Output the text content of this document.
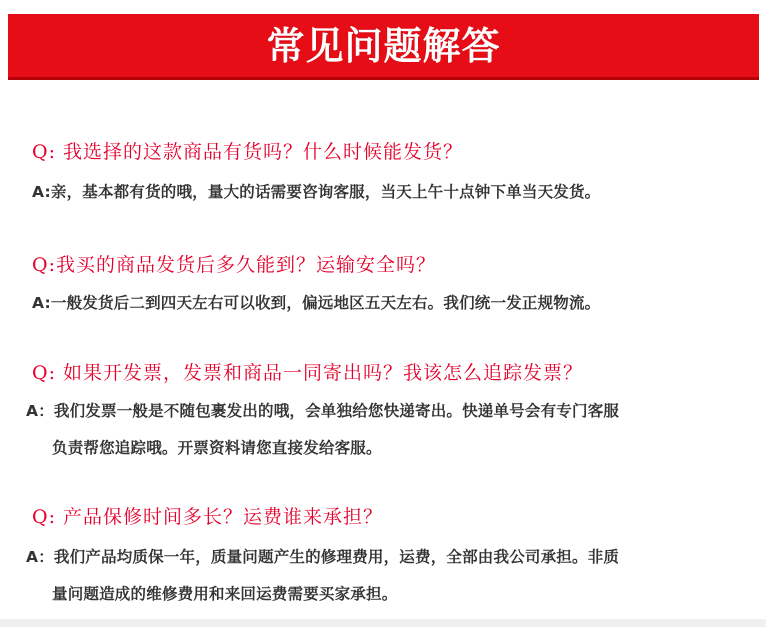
常见问题解答
Q: 我选择的这款商品有货吗？什么时候能发货？
A:亲，基本都有货的哦，量大的话需要咨询客服，当天上午十点钟下单当天发货。
Q:我买的商品发货后多久能到？运输安全吗？
A:一般发货后二到四天左右可以收到，偏远地区五天左右。我们统一发正规物流。
Q: 如果开发票，发票和商品一同寄出吗？我该怎么追踪发票？
A：我们发票一般是不随包裹发出的哦，会单独给您快递寄出。快递单号会有专门客服
负责帮您追踪哦。开票资料请您直接发给客服。
Q: 产品保修时间多长？运费谁来承担？
A：我们产品均质保一年，质量问题产生的修理费用，运费，全部由我公司承担。非质
量问题造成的维修费用和来回运费需要买家承担。
